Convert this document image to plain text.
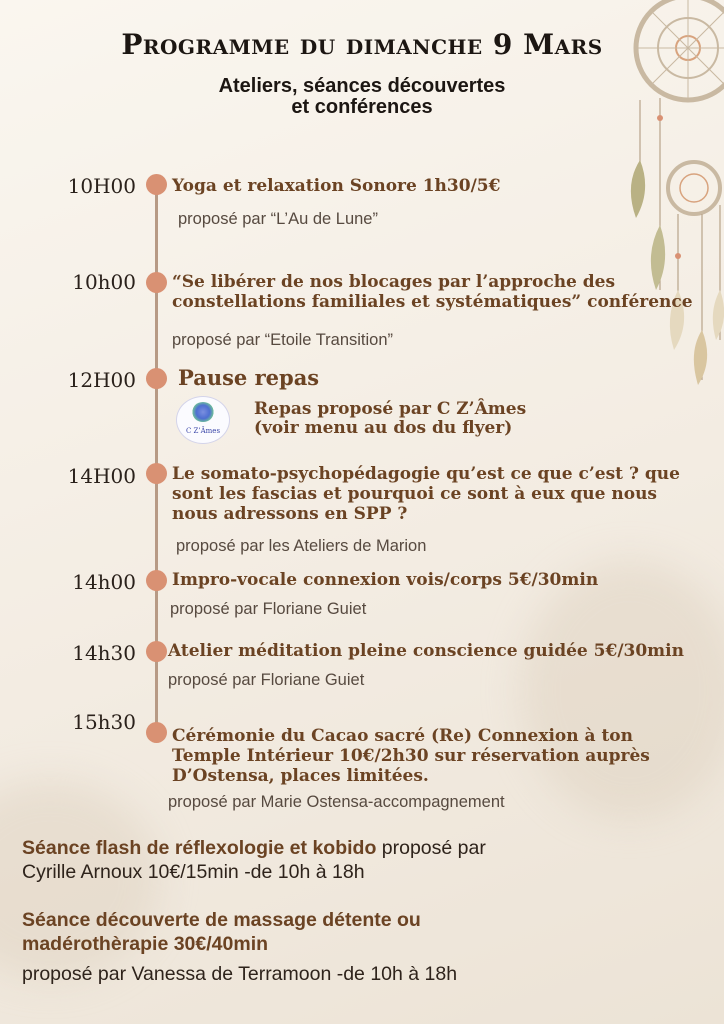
Programme du dimanche 9 Mars
Ateliers, séances découvertes
et conférences
10H00 Yoga et relaxation Sonore 1h30/5€
proposé par “L’Au de Lune”
10h00 “Se libérer de nos blocages par l’approche des
constellations familiales et systématiques” conférence
proposé par “Etoile Transition”
12H00 Pause repas
C Z’Âmes
Repas proposé par C Z’Âmes
(voir menu au dos du flyer)
14H00 Le somato-psychopédagogie qu’est ce que c’est ? que
sont les fascias et pourquoi ce sont à eux que nous
nous adressons en SPP ?
proposé par les Ateliers de Marion
14h00 Impro-vocale connexion vois/corps 5€/30min
proposé par Floriane Guiet
14h30 Atelier méditation pleine conscience guidée 5€/30min
proposé par Floriane Guiet
15h30
Cérémonie du Cacao sacré (Re) Connexion à ton
Temple Intérieur 10€/2h30 sur réservation auprès
D’Ostensa, places limitées.
proposé par Marie Ostensa-accompagnement
Séance flash de réflexologie et kobido proposé par
Cyrille Arnoux 10€/15min -de 10h à 18h
Séance découverte de massage détente ou
madérothèrapie 30€/40min
proposé par Vanessa de Terramoon -de 10h à 18h
